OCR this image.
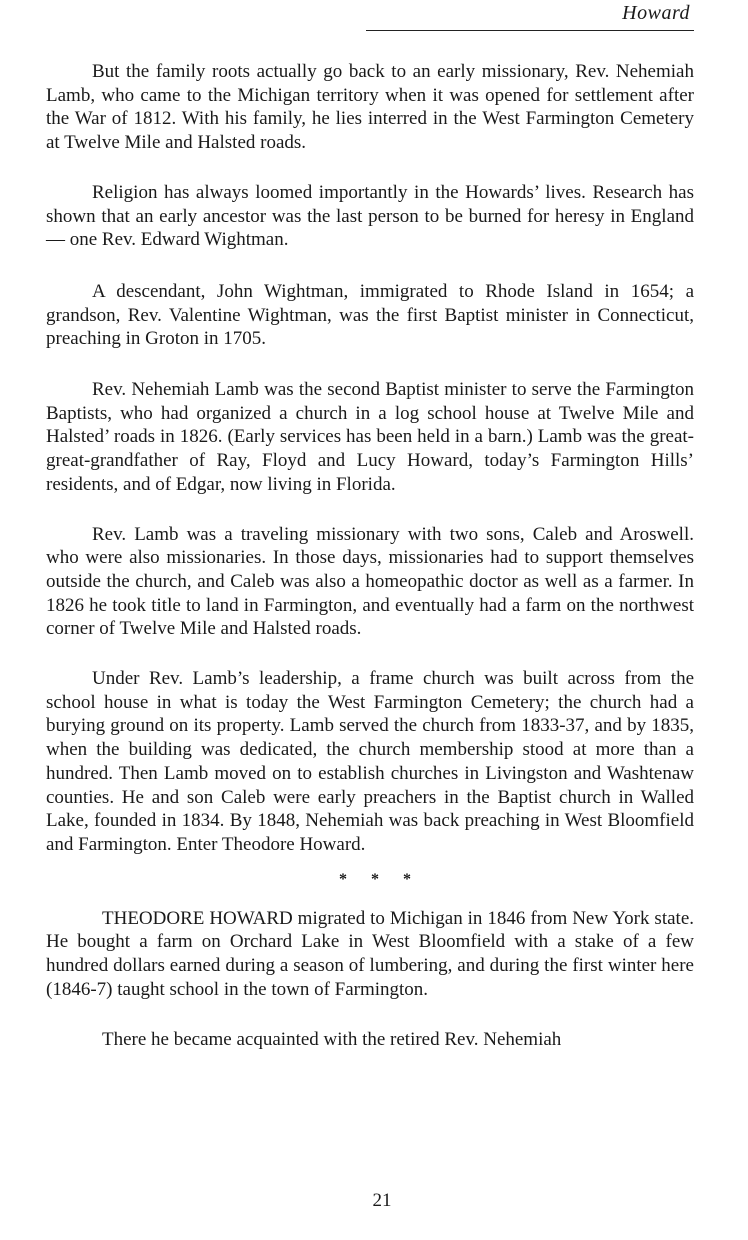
Howard

But the family roots actually go back to an early missionary, Rev. Nehemiah Lamb, who came to the Michigan territory when it was opened for settlement after the War of 1812. With his family, he lies interred in the West Farmington Cemetery at Twelve Mile and Halsted roads.

Religion has always loomed importantly in the Howards’ lives. Research has shown that an early ancestor was the last person to be burned for heresy in England — one Rev. Edward Wightman.

A descendant, John Wightman, immigrated to Rhode Island in 1654; a grandson, Rev. Valentine Wightman, was the first Baptist minister in Connecticut, preaching in Groton in 1705.

Rev. Nehemiah Lamb was the second Baptist minister to serve the Farmington Baptists, who had organized a church in a log school house at Twelve Mile and Halsted’ roads in 1826. (Early services has been held in a barn.) Lamb was the great-great-grandfather of Ray, Floyd and Lucy Howard, today’s Farmington Hills’ residents, and of Edgar, now living in Florida.

Rev. Lamb was a traveling missionary with two sons, Caleb and Aroswell. who were also missionaries. In those days, missionaries had to support themselves outside the church, and Caleb was also a homeopathic doctor as well as a farmer. In 1826 he took title to land in Farmington, and eventually had a farm on the northwest corner of Twelve Mile and Halsted roads.

Under Rev. Lamb’s leadership, a frame church was built across from the school house in what is today the West Farmington Cemetery; the church had a burying ground on its property. Lamb served the church from 1833-37, and by 1835, when the building was dedicated, the church membership stood at more than a hundred. Then Lamb moved on to establish churches in Livingston and Washtenaw counties. He and son Caleb were early preachers in the Baptist church in Walled Lake, founded in 1834. By 1848, Nehemiah was back preaching in West Bloomfield and Farmington. Enter Theodore Howard.

* * *

THEODORE HOWARD migrated to Michigan in 1846 from New York state. He bought a farm on Orchard Lake in West Bloomfield with a stake of a few hundred dollars earned during a season of lumbering, and during the first winter here (1846-7) taught school in the town of Farmington.

There he became acquainted with the retired Rev. Nehemiah

21
